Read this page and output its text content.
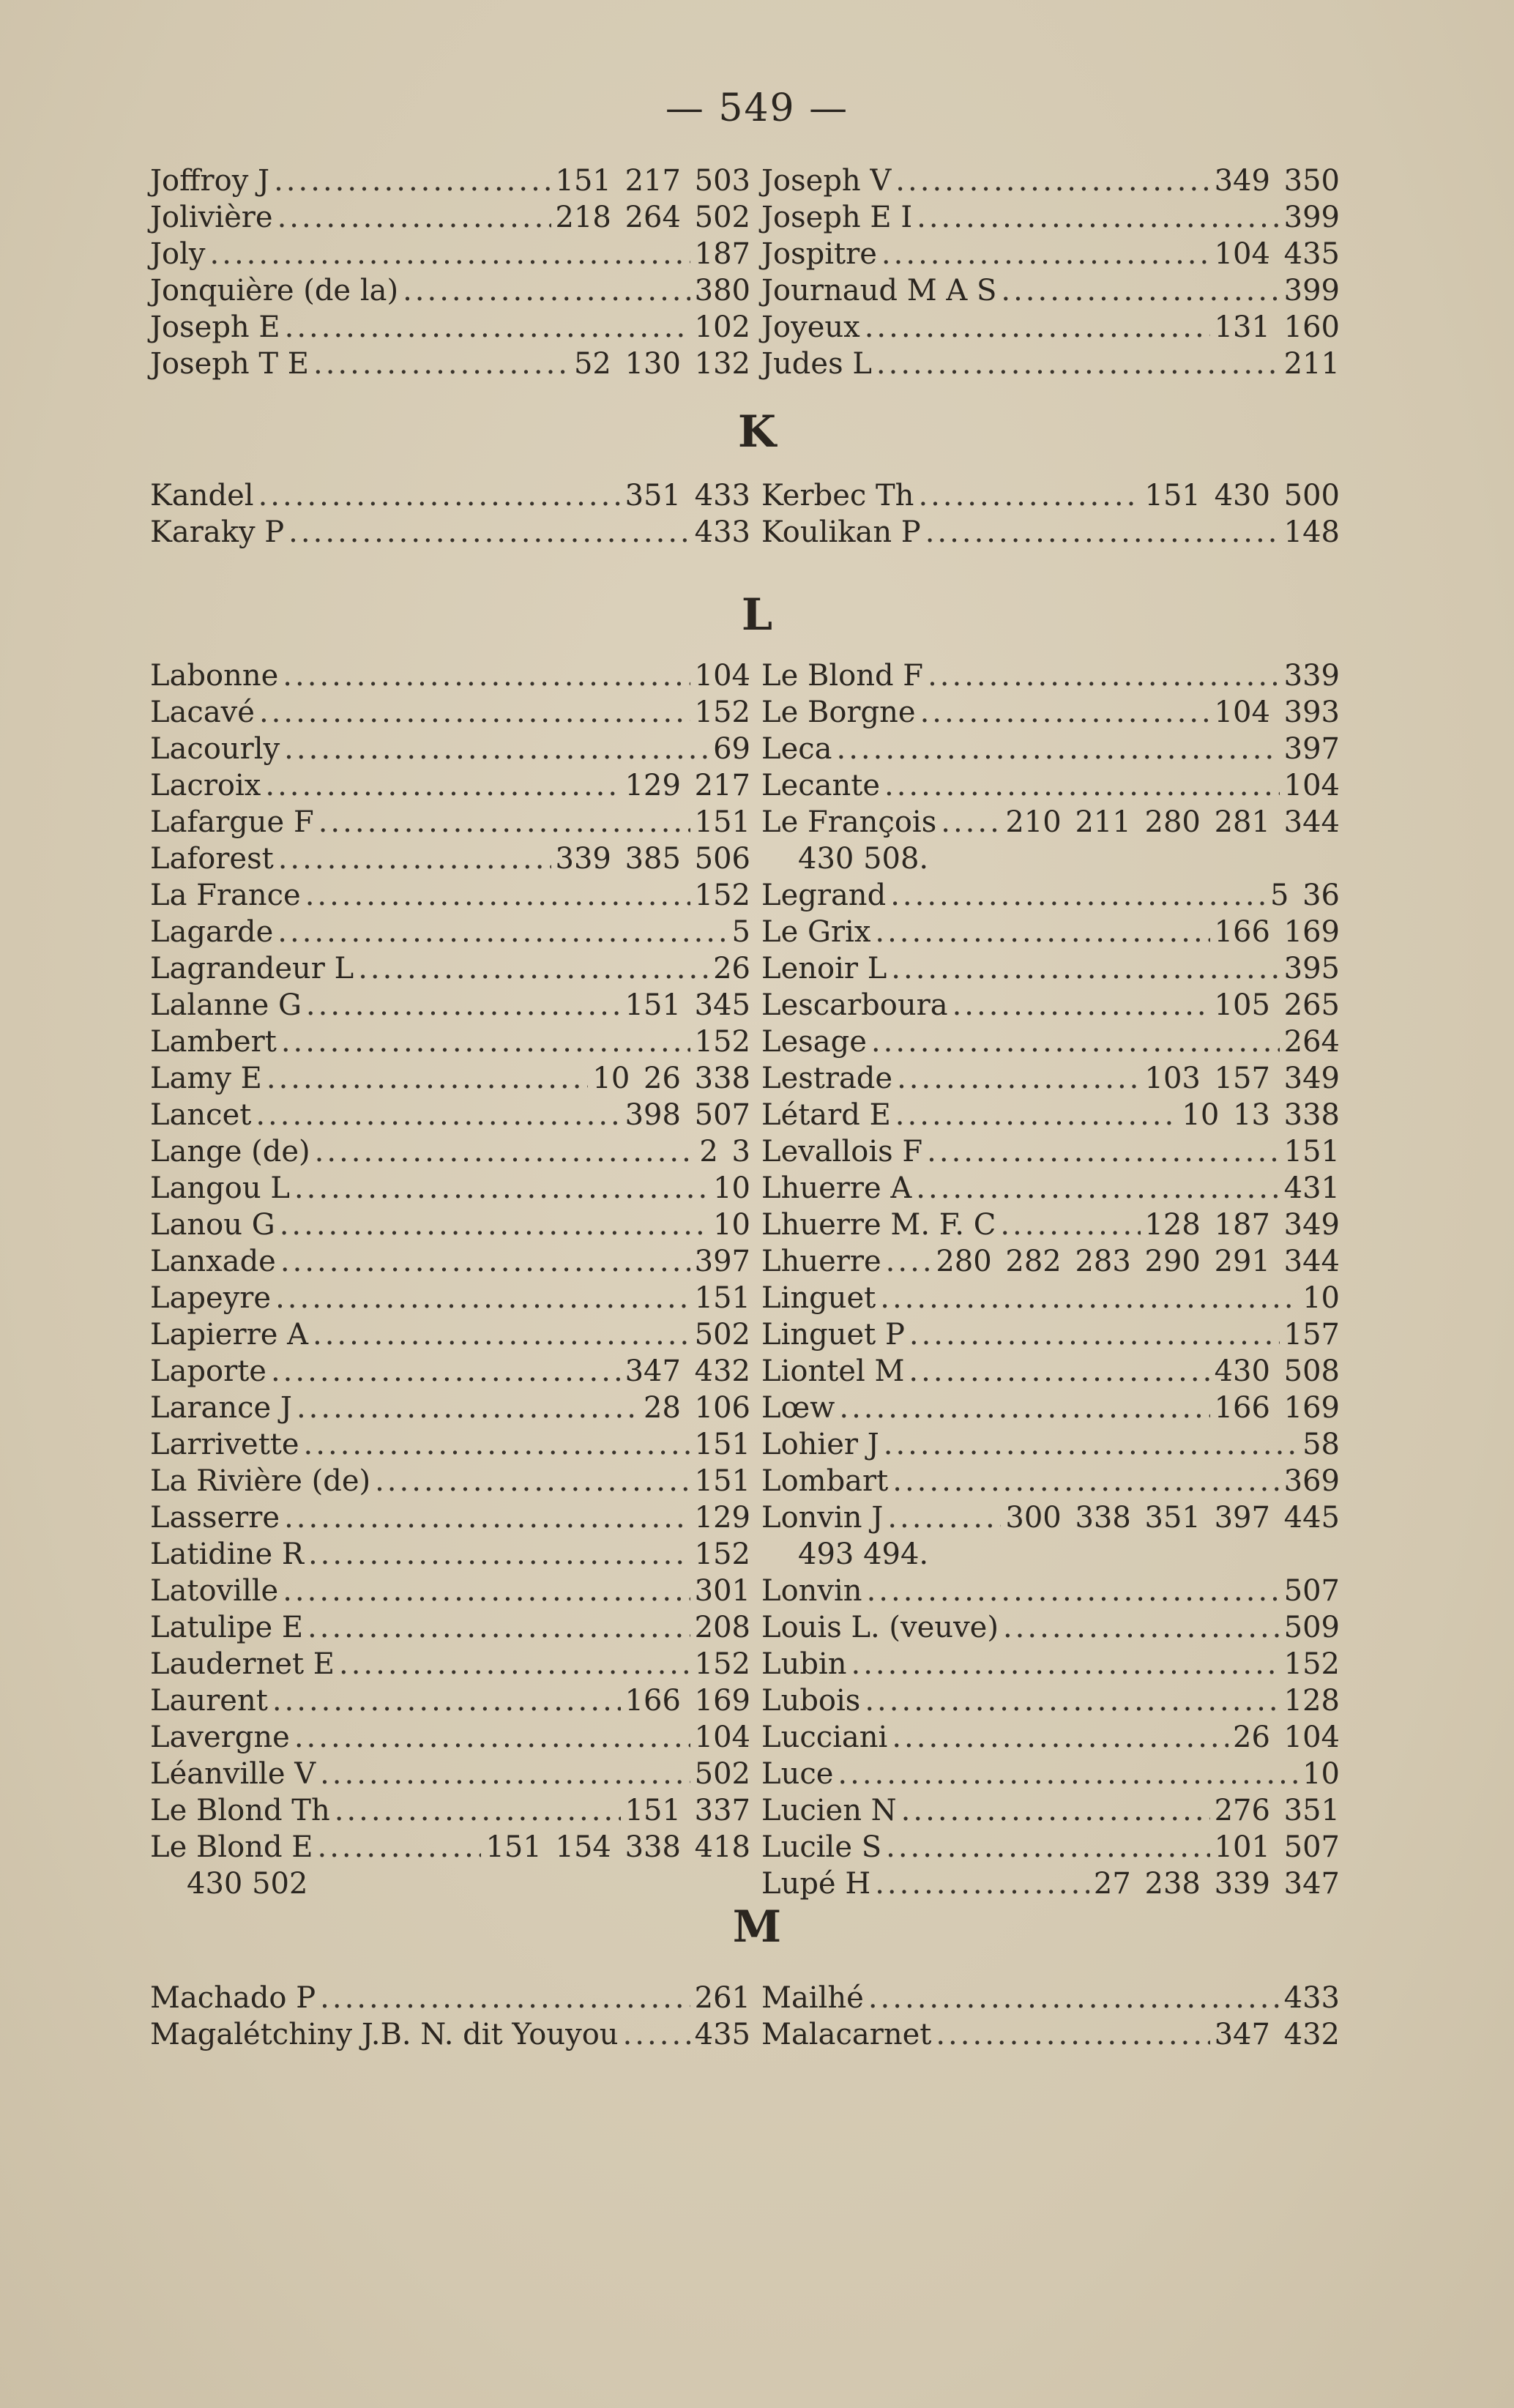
— 549 —
Joffroy J .....	151 217 503
Jolivière .....	218 264 502
Joly .....	187
Jonquière (de la) .....	380
Joseph E .....	102
Joseph T E .....	52 130 132
Joseph V .....	349 350
Joseph E I .....	399
Jospitre .....	104 435
Journaud M A S .....	399
Joyeux .....	131 160
Judes L .....	211
K
Kandel .....	351 433
Karaky P .....	433
Kerbec Th .....	151 430 500
Koulikan P .....	148
L
Labonne .....	104
Lacavé .....	152
Lacourly .....	69
Lacroix .....	129 217
Lafargue F .....	151
Laforest .....	339 385 506
La France .....	152
Lagarde .....	5
Lagrandeur L .....	26
Lalanne G .....	151 345
Lambert .....	152
Lamy E .....	10 26 338
Lancet .....	398 507
Lange (de) .....	2 3
Langou L .....	10
Lanou G .....	10
Lanxade .....	397
Lapeyre .....	151
Lapierre A .....	502
Laporte .....	347 432
Larance J .....	28 106
Larrivette .....	151
La Rivière (de) .....	151
Lasserre .....	129
Latidine R .....	152
Latoville .....	301
Latulipe E .....	208
Laudernet E .....	152
Laurent .....	166 169
Lavergne .....	104
Léanville V .....	502
Le Blond Th .....	151 337
Le Blond E .....	151 154 338 418
430 502
Le Blond F .....	339
Le Borgne .....	104 393
Leca .....	397
Lecante .....	104
Le François ..... 210 211 280 281 344
430 508.
Legrand .....	5 36
Le Grix .....	166 169
Lenoir L .....	395
Lescarboura .....	105 265
Lesage .....	264
Lestrade .....	103 157 349
Létard E .....	10 13 338
Levallois F .....	151
Lhuerre A .....	431
Lhuerre M. F. C .....	128 187 349
Lhuerre ..... 280 282 283 290 291 344
Linguet .....	10
Linguet P .....	157
Liontel M .....	430 508
Lœw .....	166 169
Lohier J .....	58
Lombart .....	369
Lonvin J .....	300 338 351 397 445
493 494.
Lonvin .....	507
Louis L. (veuve) .....	509
Lubin .....	152
Lubois .....	128
Lucciani .....	26 104
Luce .....	10
Lucien N .....	276 351
Lucile S .....	101 507
Lupé H .....	27 238 339 347
M
Machado P .....	261
Magalétchiny J.B. N. dit Youyou .....	435
Mailhé .....	433
Malacarnet .....	347 432
